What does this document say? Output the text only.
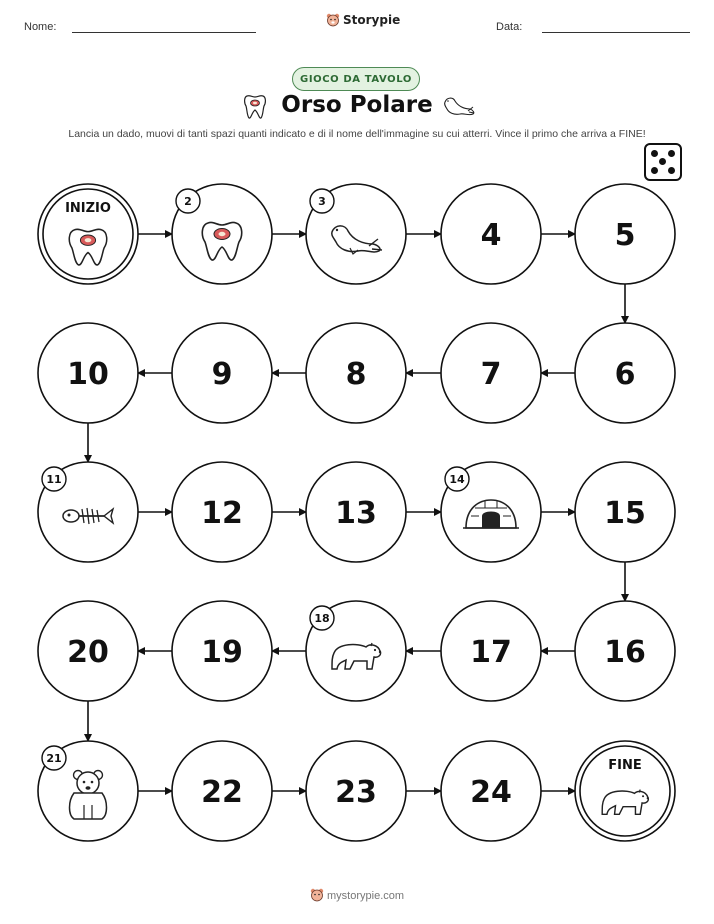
Nome:	Storypie	Data:
GIOCO DA TAVOLO
Orso Polare
Lancia un dado, muovi di tanti spazi quanti indicato e di il nome dell'immagine su cui atterri. Vince il primo che arriva a FINE!
INIZIO	2	3
4	5
6
7
8
9
10
11
12	13
14
15
16
17
18
19
20
21
22	23	24
FINE
mystorypie.com
